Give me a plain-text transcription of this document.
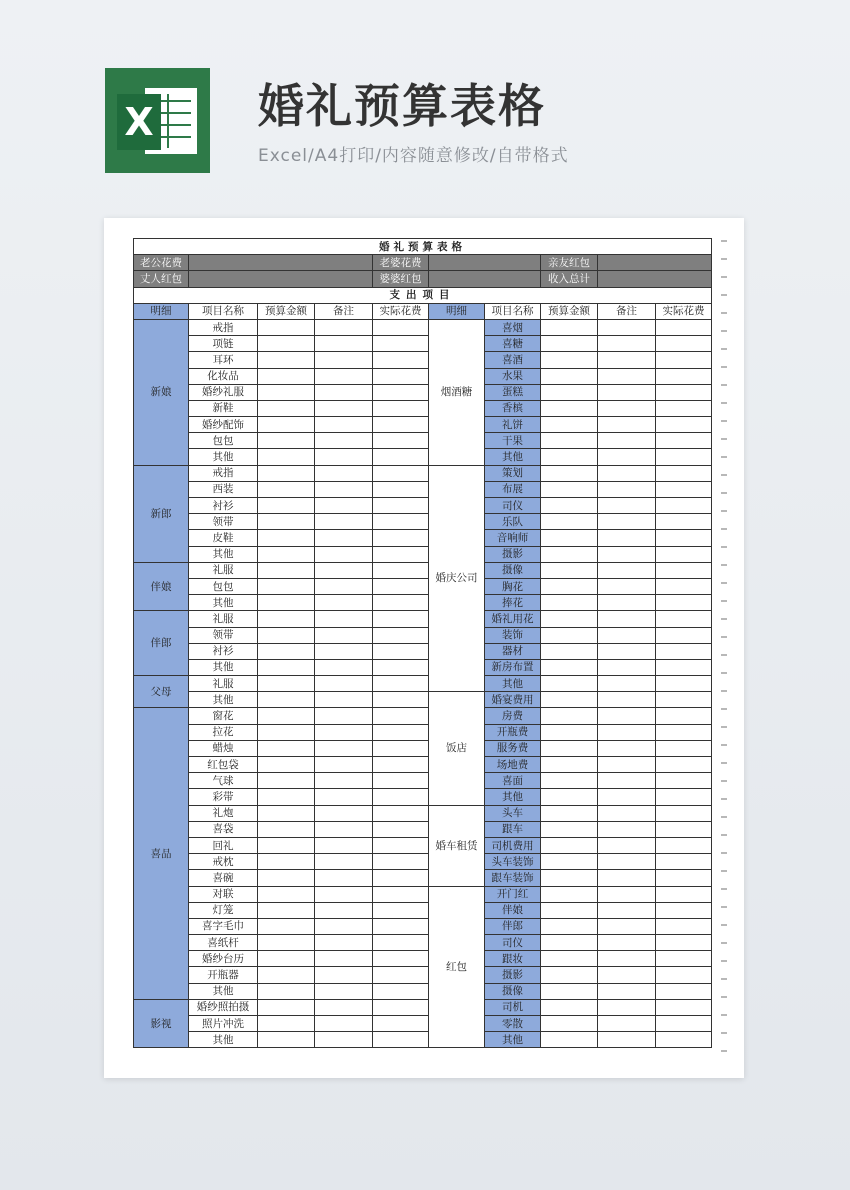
X 婚礼预算表格
Excel/A4打印/内容随意修改/自带格式
婚礼预算表格									
老公花费				老婆花费			亲友红包		
丈人红包				婆婆红包			收入总计		
支出项目									
明细	项目名称	预算金额	备注	实际花费	明细	项目名称	预算金额	备注	实际花费
新娘	戒指				烟酒糖	喜烟			
	项链					喜糖			
	耳环					喜酒			
	化妆品					水果			
	婚纱礼服					蛋糕			
	新鞋					香槟			
	婚纱配饰					礼饼			
	包包					干果			
	其他					其他			
新郎	戒指				婚庆公司	策划			
	西装					布展			
	衬衫					司仪			
	领带					乐队			
	皮鞋					音响师			
	其他					摄影			
伴娘	礼服					摄像			
	包包					胸花			
	其他					捧花			
伴郎	礼服					婚礼用花			
	领带					装饰			
	衬衫					器材			
	其他					新房布置			
父母	礼服					其他			
	其他				饭店	婚宴费用			
喜品	窗花					房费			
	拉花					开瓶费			
	蜡烛					服务费			
	红包袋					场地费			
	气球					喜面			
	彩带					其他			
	礼炮				婚车租赁	头车			
	喜袋					跟车			
	回礼					司机费用			
	戒枕					头车装饰			
	喜碗					跟车装饰			
	对联				红包	开门红			
	灯笼					伴娘			
	喜字毛巾					伴郎			
	喜纸杆					司仪			
	婚纱台历					跟妆			
	开瓶器					摄影			
	其他					摄像			
影视	婚纱照拍摄					司机			
	照片冲洗					零散			
	其他					其他			
